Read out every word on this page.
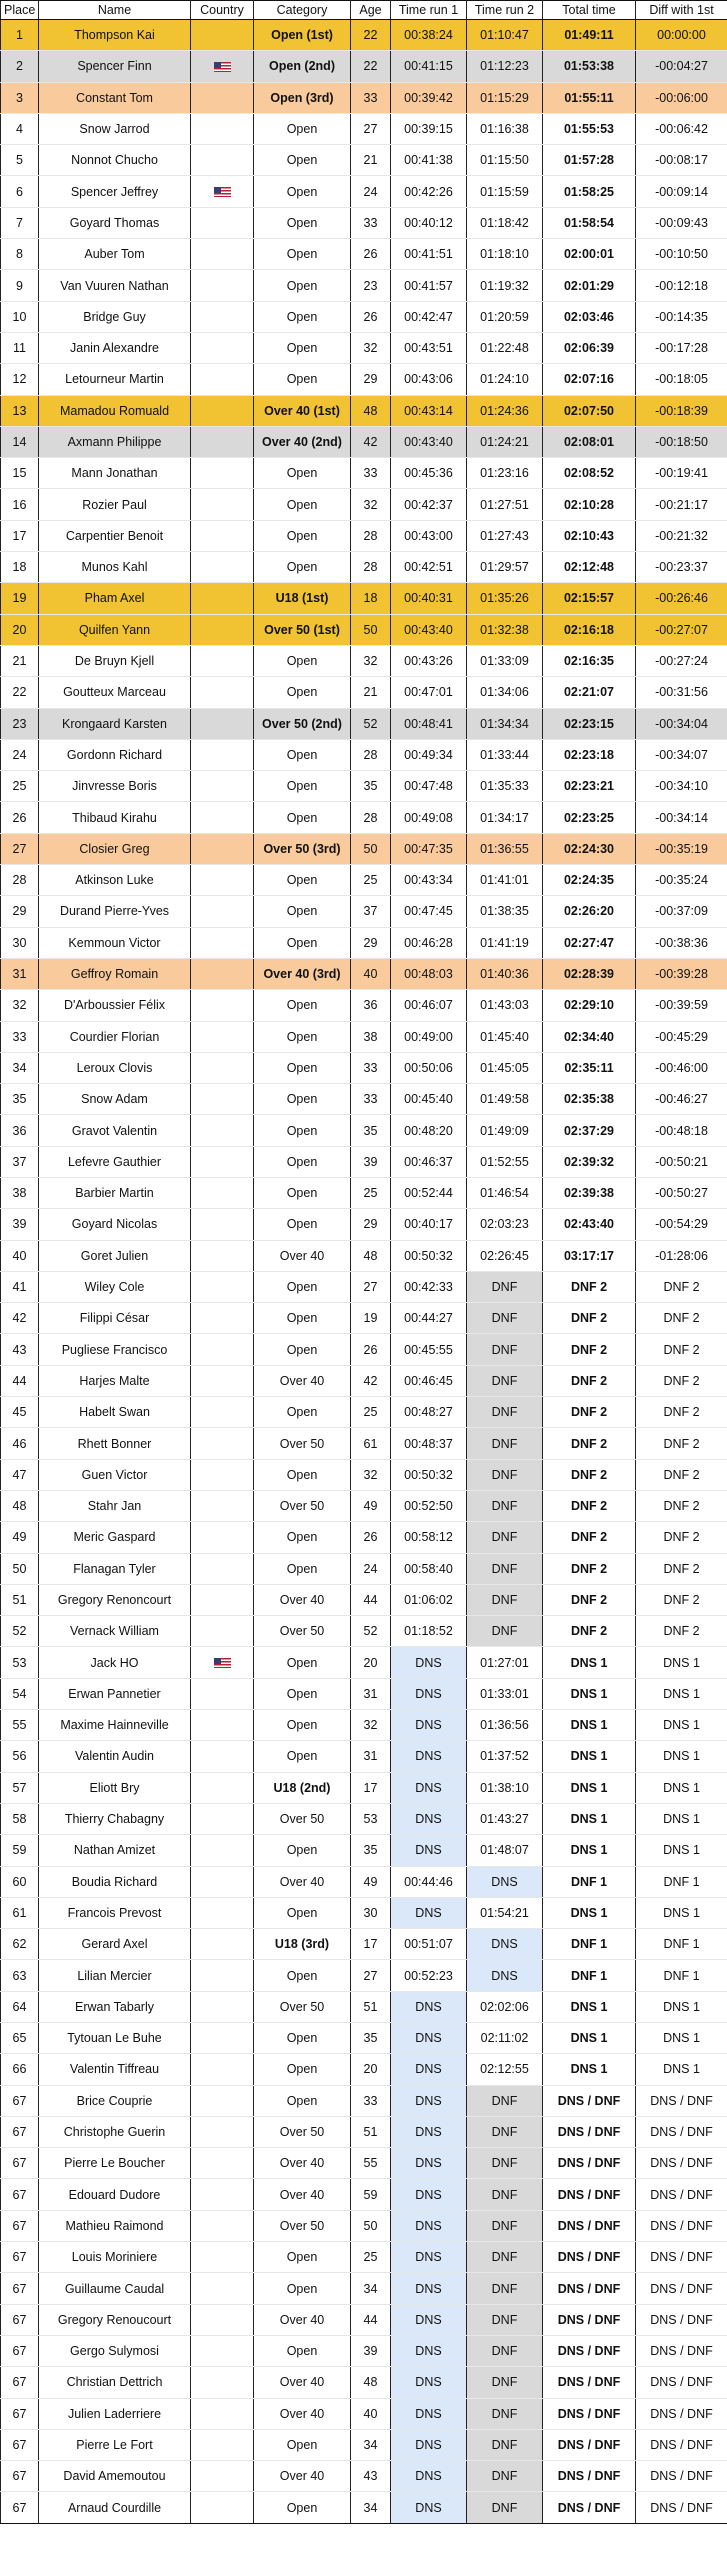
Place	Name	Country	Category	Age	Time run 1	Time run 2	Total time	Diff with 1st
1	Thompson Kai		Open (1st)	22	00:38:24	01:10:47	01:49:11	00:00:00
2	Spencer Finn		Open (2nd)	22	00:41:15	01:12:23	01:53:38	-00:04:27
3	Constant Tom		Open (3rd)	33	00:39:42	01:15:29	01:55:11	-00:06:00
4	Snow Jarrod		Open	27	00:39:15	01:16:38	01:55:53	-00:06:42
5	Nonnot Chucho		Open	21	00:41:38	01:15:50	01:57:28	-00:08:17
6	Spencer Jeffrey		Open	24	00:42:26	01:15:59	01:58:25	-00:09:14
7	Goyard Thomas		Open	33	00:40:12	01:18:42	01:58:54	-00:09:43
8	Auber Tom		Open	26	00:41:51	01:18:10	02:00:01	-00:10:50
9	Van Vuuren Nathan		Open	23	00:41:57	01:19:32	02:01:29	-00:12:18
10	Bridge Guy		Open	26	00:42:47	01:20:59	02:03:46	-00:14:35
11	Janin Alexandre		Open	32	00:43:51	01:22:48	02:06:39	-00:17:28
12	Letourneur Martin		Open	29	00:43:06	01:24:10	02:07:16	-00:18:05
13	Mamadou Romuald		Over 40 (1st)	48	00:43:14	01:24:36	02:07:50	-00:18:39
14	Axmann Philippe		Over 40 (2nd)	42	00:43:40	01:24:21	02:08:01	-00:18:50
15	Mann Jonathan		Open	33	00:45:36	01:23:16	02:08:52	-00:19:41
16	Rozier Paul		Open	32	00:42:37	01:27:51	02:10:28	-00:21:17
17	Carpentier Benoit		Open	28	00:43:00	01:27:43	02:10:43	-00:21:32
18	Munos Kahl		Open	28	00:42:51	01:29:57	02:12:48	-00:23:37
19	Pham Axel		U18 (1st)	18	00:40:31	01:35:26	02:15:57	-00:26:46
20	Quilfen Yann		Over 50 (1st)	50	00:43:40	01:32:38	02:16:18	-00:27:07
21	De Bruyn Kjell		Open	32	00:43:26	01:33:09	02:16:35	-00:27:24
22	Goutteux Marceau		Open	21	00:47:01	01:34:06	02:21:07	-00:31:56
23	Krongaard Karsten		Over 50 (2nd)	52	00:48:41	01:34:34	02:23:15	-00:34:04
24	Gordonn Richard		Open	28	00:49:34	01:33:44	02:23:18	-00:34:07
25	Jinvresse Boris		Open	35	00:47:48	01:35:33	02:23:21	-00:34:10
26	Thibaud Kirahu		Open	28	00:49:08	01:34:17	02:23:25	-00:34:14
27	Closier Greg		Over 50 (3rd)	50	00:47:35	01:36:55	02:24:30	-00:35:19
28	Atkinson Luke		Open	25	00:43:34	01:41:01	02:24:35	-00:35:24
29	Durand Pierre-Yves		Open	37	00:47:45	01:38:35	02:26:20	-00:37:09
30	Kemmoun Victor		Open	29	00:46:28	01:41:19	02:27:47	-00:38:36
31	Geffroy Romain		Over 40 (3rd)	40	00:48:03	01:40:36	02:28:39	-00:39:28
32	D'Arboussier Félix		Open	36	00:46:07	01:43:03	02:29:10	-00:39:59
33	Courdier Florian		Open	38	00:49:00	01:45:40	02:34:40	-00:45:29
34	Leroux Clovis		Open	33	00:50:06	01:45:05	02:35:11	-00:46:00
35	Snow Adam		Open	33	00:45:40	01:49:58	02:35:38	-00:46:27
36	Gravot Valentin		Open	35	00:48:20	01:49:09	02:37:29	-00:48:18
37	Lefevre Gauthier		Open	39	00:46:37	01:52:55	02:39:32	-00:50:21
38	Barbier Martin		Open	25	00:52:44	01:46:54	02:39:38	-00:50:27
39	Goyard Nicolas		Open	29	00:40:17	02:03:23	02:43:40	-00:54:29
40	Goret Julien		Over 40	48	00:50:32	02:26:45	03:17:17	-01:28:06
41	Wiley Cole		Open	27	00:42:33	DNF	DNF 2	DNF 2
42	Filippi César		Open	19	00:44:27	DNF	DNF 2	DNF 2
43	Pugliese Francisco		Open	26	00:45:55	DNF	DNF 2	DNF 2
44	Harjes Malte		Over 40	42	00:46:45	DNF	DNF 2	DNF 2
45	Habelt Swan		Open	25	00:48:27	DNF	DNF 2	DNF 2
46	Rhett Bonner		Over 50	61	00:48:37	DNF	DNF 2	DNF 2
47	Guen Victor		Open	32	00:50:32	DNF	DNF 2	DNF 2
48	Stahr Jan		Over 50	49	00:52:50	DNF	DNF 2	DNF 2
49	Meric Gaspard		Open	26	00:58:12	DNF	DNF 2	DNF 2
50	Flanagan Tyler		Open	24	00:58:40	DNF	DNF 2	DNF 2
51	Gregory Renoncourt		Over 40	44	01:06:02	DNF	DNF 2	DNF 2
52	Vernack William		Over 50	52	01:18:52	DNF	DNF 2	DNF 2
53	Jack HO		Open	20	DNS	01:27:01	DNS 1	DNS 1
54	Erwan Pannetier		Open	31	DNS	01:33:01	DNS 1	DNS 1
55	Maxime Hainneville		Open	32	DNS	01:36:56	DNS 1	DNS 1
56	Valentin Audin		Open	31	DNS	01:37:52	DNS 1	DNS 1
57	Eliott Bry		U18 (2nd)	17	DNS	01:38:10	DNS 1	DNS 1
58	Thierry Chabagny		Over 50	53	DNS	01:43:27	DNS 1	DNS 1
59	Nathan Amizet		Open	35	DNS	01:48:07	DNS 1	DNS 1
60	Boudia Richard		Over 40	49	00:44:46	DNS	DNF 1	DNF 1
61	Francois Prevost		Open	30	DNS	01:54:21	DNS 1	DNS 1
62	Gerard Axel		U18 (3rd)	17	00:51:07	DNS	DNF 1	DNF 1
63	Lilian Mercier		Open	27	00:52:23	DNS	DNF 1	DNF 1
64	Erwan Tabarly		Over 50	51	DNS	02:02:06	DNS 1	DNS 1
65	Tytouan Le Buhe		Open	35	DNS	02:11:02	DNS 1	DNS 1
66	Valentin Tiffreau		Open	20	DNS	02:12:55	DNS 1	DNS 1
67	Brice Couprie		Open	33	DNS	DNF	DNS / DNF	DNS / DNF
67	Christophe Guerin		Over 50	51	DNS	DNF	DNS / DNF	DNS / DNF
67	Pierre Le Boucher		Over 40	55	DNS	DNF	DNS / DNF	DNS / DNF
67	Edouard Dudore		Over 40	59	DNS	DNF	DNS / DNF	DNS / DNF
67	Mathieu Raimond		Over 50	50	DNS	DNF	DNS / DNF	DNS / DNF
67	Louis Moriniere		Open	25	DNS	DNF	DNS / DNF	DNS / DNF
67	Guillaume Caudal		Open	34	DNS	DNF	DNS / DNF	DNS / DNF
67	Gregory Renoucourt		Over 40	44	DNS	DNF	DNS / DNF	DNS / DNF
67	Gergo Sulymosi		Open	39	DNS	DNF	DNS / DNF	DNS / DNF
67	Christian Dettrich		Over 40	48	DNS	DNF	DNS / DNF	DNS / DNF
67	Julien Laderriere		Over 40	40	DNS	DNF	DNS / DNF	DNS / DNF
67	Pierre Le Fort		Open	34	DNS	DNF	DNS / DNF	DNS / DNF
67	David Amemoutou		Over 40	43	DNS	DNF	DNS / DNF	DNS / DNF
67	Arnaud Courdille		Open	34	DNS	DNF	DNS / DNF	DNS / DNF
